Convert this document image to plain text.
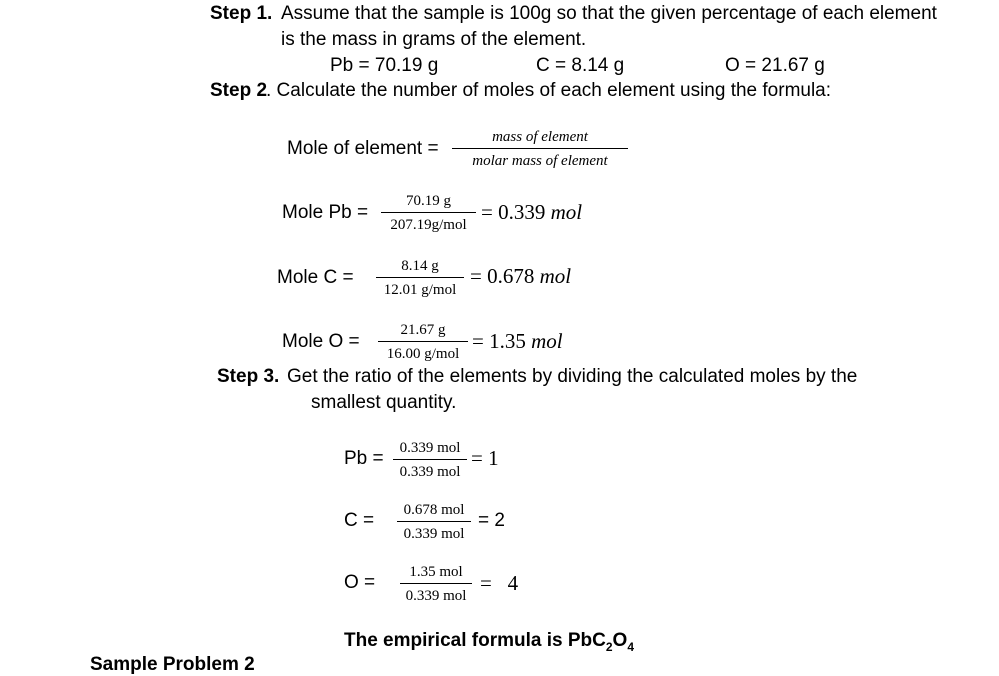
Step 1. Assume that the sample is 100g so that the given percentage of each element
is the mass in grams of the element.
Pb = 70.19 g	C = 8.14 g	O = 21.67 g
Step 2
. Calculate the number of moles of each element using the formula:
Mole of element =
mass of element
molar mass of element
Mole Pb =
70.19 g
207.19g/mol
= 0.339 mol
Mole C =
8.14 g
12.01 g/mol
= 0.678 mol
Mole O =
21.67 g
16.00 g/mol
= 1.35 mol
Step 3. Get the ratio of the elements by dividing the calculated moles by the
smallest quantity.
Pb =	0.339 mol
0.339 mol
= 1
C =	0.678 mol
0.339 mol
= 2
O =	1.35 mol
0.339 mol
=   4
The empirical formula is $PbC_2O_4$
Sample Problem 2
